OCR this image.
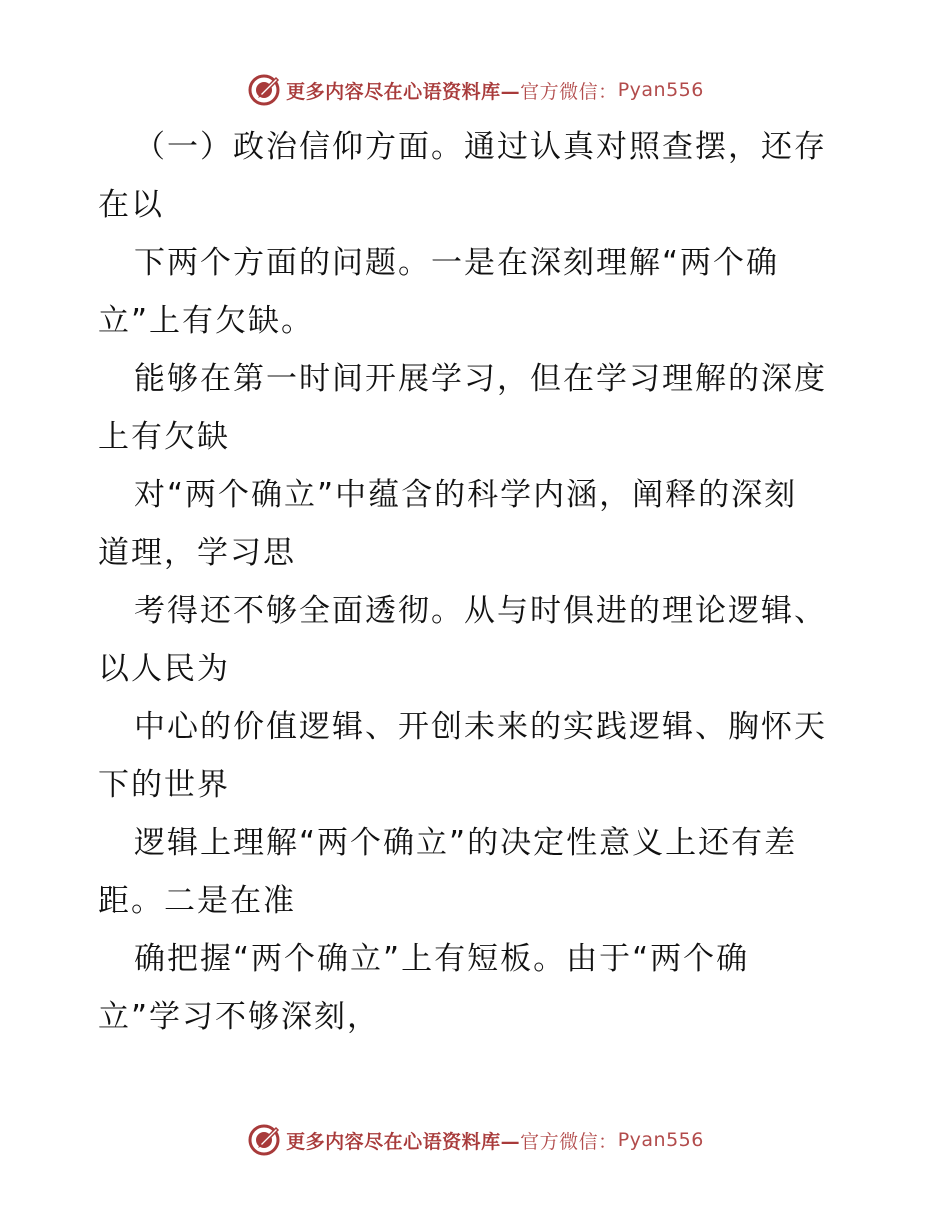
更多内容尽在心语资料库— 官方微信： Pyan556
（一）政治信仰方面。通过认真对照查摆，还存
在以
下两个方面的问题。一是在深刻理解“两个确
立”上有欠缺。
能够在第一时间开展学习，但在学习理解的深度
上有欠缺
对“两个确立”中蕴含的科学内涵，阐释的深刻
道理，学习思
考得还不够全面透彻。从与时俱进的理论逻辑、
以人民为
中心的价值逻辑、开创未来的实践逻辑、胸怀天
下的世界
逻辑上理解“两个确立”的决定性意义上还有差
距。二是在准
确把握“两个确立”上有短板。由于“两个确
立”学习不够深刻，
更多内容尽在心语资料库— 官方微信： Pyan556
